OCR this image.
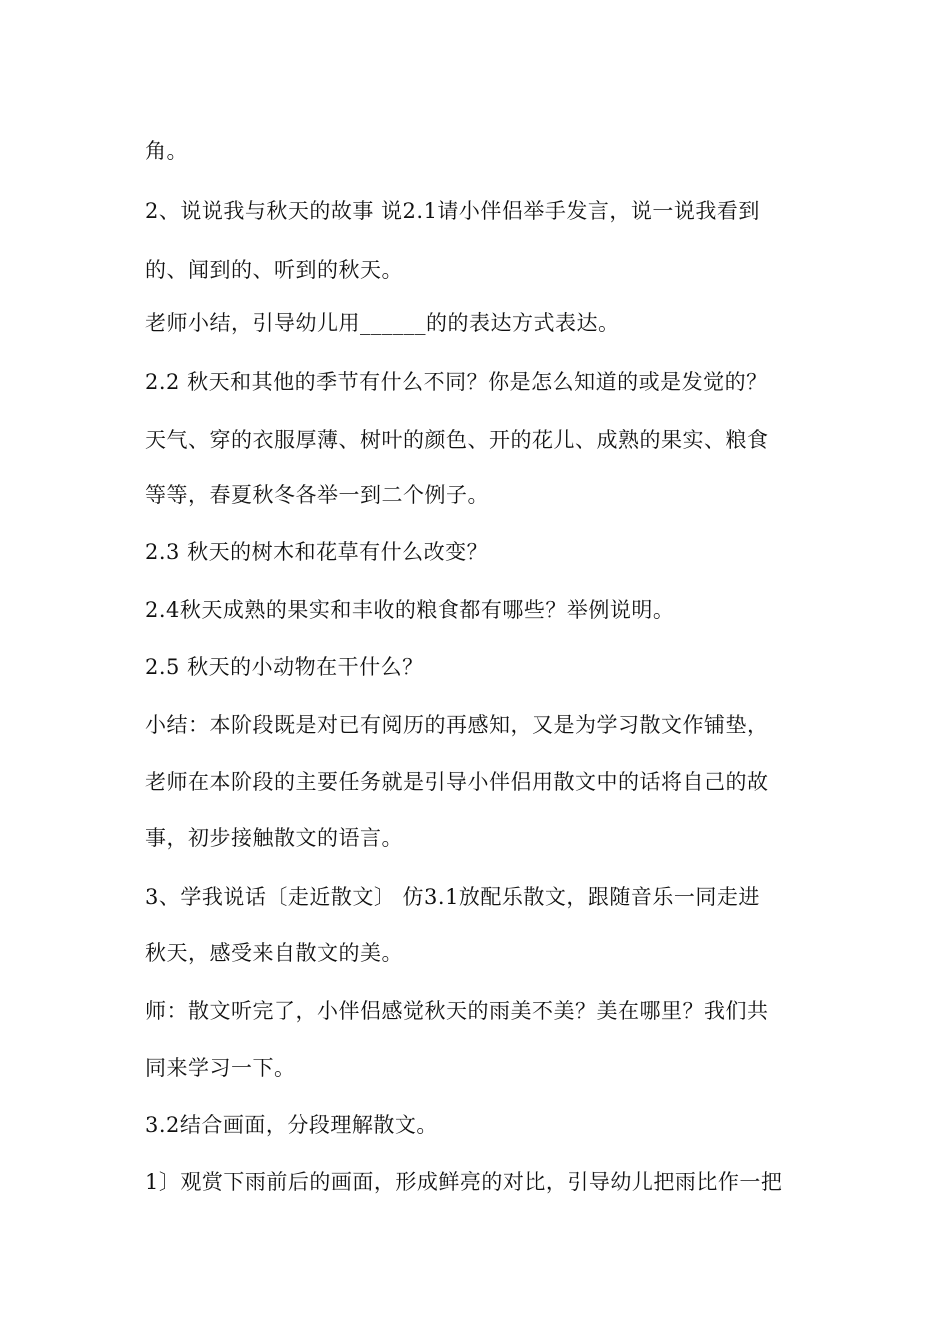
角。
2、说说我与秋天的故事 说2.1请小伴侣举手发言，说一说我看到
的、闻到的、听到的秋天。
老师小结，引导幼儿用______的的表达方式表达。
2.2 秋天和其他的季节有什么不同？你是怎么知道的或是发觉的？
天气、穿的衣服厚薄、树叶的颜色、开的花儿、成熟的果实、粮食
等等，春夏秋冬各举一到二个例子。
2.3 秋天的树木和花草有什么改变？
2.4秋天成熟的果实和丰收的粮食都有哪些？举例说明。
2.5 秋天的小动物在干什么？
小结：本阶段既是对已有阅历的再感知，又是为学习散文作铺垫，
老师在本阶段的主要任务就是引导小伴侣用散文中的话将自己的故
事，初步接触散文的语言。
3、学我说话〔走近散文〕 仿3.1放配乐散文，跟随音乐一同走进
秋天，感受来自散文的美。
师：散文听完了，小伴侣感觉秋天的雨美不美？美在哪里？我们共
同来学习一下。
3.2结合画面，分段理解散文。
1〕观赏下雨前后的画面，形成鲜亮的对比，引导幼儿把雨比作一把
